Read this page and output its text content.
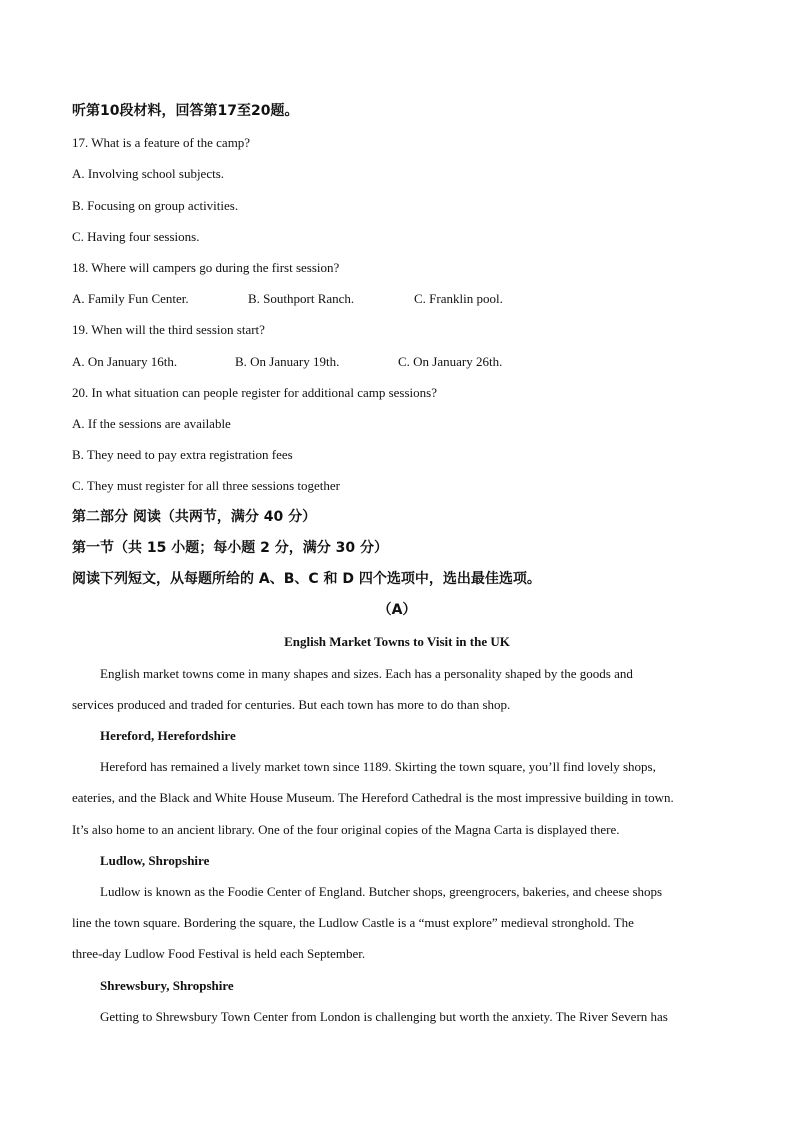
听第10段材料，回答第17至20题。
17. What is a feature of the camp?
A. Involving school subjects.
B. Focusing on group activities.
C. Having four sessions.
18. Where will campers go during the first session?
A. Family Fun Center.	B. Southport Ranch.	C. Franklin pool.
19. When will the third session start?
A. On January 16th.	B. On January 19th.	C. On January 26th.
20. In what situation can people register for additional camp sessions?
A. If the sessions are available
B. They need to pay extra registration fees
C. They must register for all three sessions together
第二部分 阅读（共两节，满分 40 分）
第一节（共 15 小题；每小题 2 分，满分 30 分）
阅读下列短文，从每题所给的 A、B、C 和 D 四个选项中，选出最佳选项。
（A）
English Market Towns to Visit in the UK
English market towns come in many shapes and sizes. Each has a personality shaped by the goods and
services produced and traded for centuries. But each town has more to do than shop.
Hereford, Herefordshire
Hereford has remained a lively market town since 1189. Skirting the town square, you’ll find lovely shops,
eateries, and the Black and White House Museum. The Hereford Cathedral is the most impressive building in town.
It’s also home to an ancient library. One of the four original copies of the Magna Carta is displayed there.
Ludlow, Shropshire
Ludlow is known as the Foodie Center of England. Butcher shops, greengrocers, bakeries, and cheese shops
line the town square. Bordering the square, the Ludlow Castle is a “must explore” medieval stronghold. The
three-day Ludlow Food Festival is held each September.
Shrewsbury, Shropshire
Getting to Shrewsbury Town Center from London is challenging but worth the anxiety. The River Severn has
